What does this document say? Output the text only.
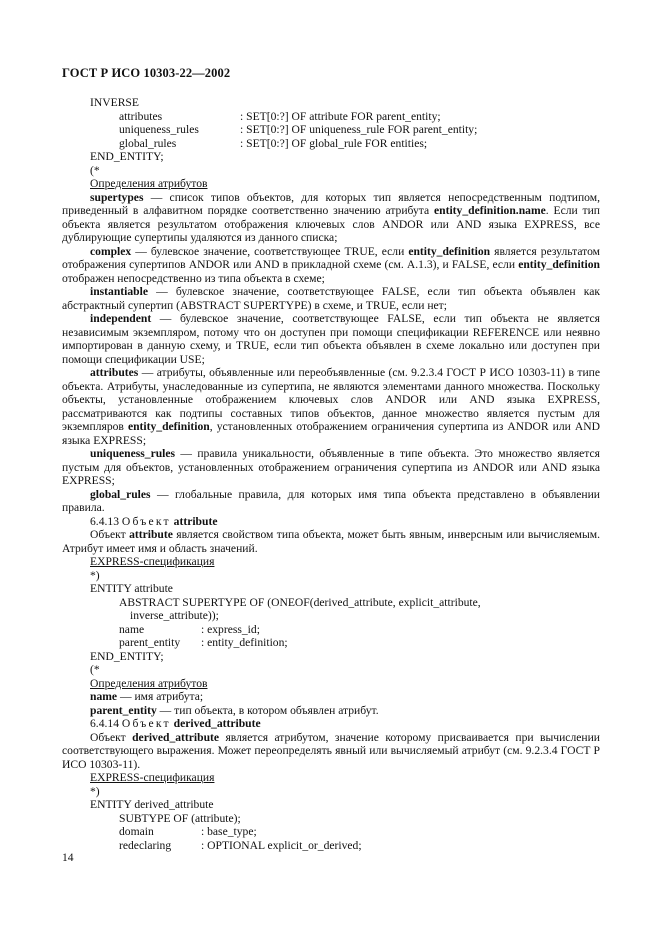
ГОСТ Р ИСО 10303-22—2002
INVERSE
attributes	: SET[0:?] OF attribute FOR parent_entity;
uniqueness_rules	: SET[0:?] OF uniqueness_rule FOR parent_entity;
global_rules	: SET[0:?] OF global_rule FOR entities;
END_ENTITY;
(*
Определения атрибутов
supertypes — список типов объектов, для которых тип является непосредственным подтипом, приведенный в алфавитном порядке соответственно значению атрибута entity_definition.name. Если тип объекта является результатом отображения ключевых слов ANDOR или AND языка EXPRESS, все дублирующие супертипы удаляются из данного списка;
complex — булевское значение, соответствующее TRUE, если entity_definition является результатом отображения супертипов ANDOR или AND в прикладной схеме (см. А.1.3), и FALSE, если entity_definition отображен непосредственно из типа объекта в схеме;
instantiable — булевское значение, соответствующее FALSE, если тип объекта объявлен как абстрактный супертип (ABSTRACT SUPERTYPE) в схеме, и TRUE, если нет;
independent — булевское значение, соответствующее FALSE, если тип объекта не является независимым экземпляром, потому что он доступен при помощи спецификации REFERENCE или неявно импортирован в данную схему, и TRUE, если тип объекта объявлен в схеме локально или доступен при помощи спецификации USE;
attributes — атрибуты, объявленные или переобъявленные (см. 9.2.3.4 ГОСТ Р ИСО 10303-11) в типе объекта. Атрибуты, унаследованные из супертипа, не являются элементами данного множества. Поскольку объекты, установленные отображением ключевых слов ANDOR или AND языка EXPRESS, рассматриваются как подтипы составных типов объектов, данное множество является пустым для экземпляров entity_definition, установленных отображением ограничения супертипа из ANDOR или AND языка EXPRESS;
uniqueness_rules — правила уникальности, объявленные в типе объекта. Это множество является пустым для объектов, установленных отображением ограничения супертипа из ANDOR или AND языка EXPRESS;
global_rules — глобальные правила, для которых имя типа объекта представлено в объявлении правила.
6.4.13 Объект attribute
Объект attribute является свойством типа объекта, может быть явным, инверсным или вычисляемым. Атрибут имеет имя и область значений.
EXPRESS-спецификация
*)
ENTITY attribute
ABSTRACT SUPERTYPE OF (ONEOF(derived_attribute, explicit_attribute,
inverse_attribute));
name	: express_id;
parent_entity	: entity_definition;
END_ENTITY;
(*
Определения атрибутов
name — имя атрибута;
parent_entity — тип объекта, в котором объявлен атрибут.
6.4.14 Объект derived_attribute
Объект derived_attribute является атрибутом, значение которому присваивается при вычислении соответствующего выражения. Может переопределять явный или вычисляемый атрибут (см. 9.2.3.4 ГОСТ Р ИСО 10303-11).
EXPRESS-спецификация
*)
ENTITY derived_attribute
SUBTYPE OF (attribute);
domain	: base_type;
redeclaring	: OPTIONAL explicit_or_derived;
14
